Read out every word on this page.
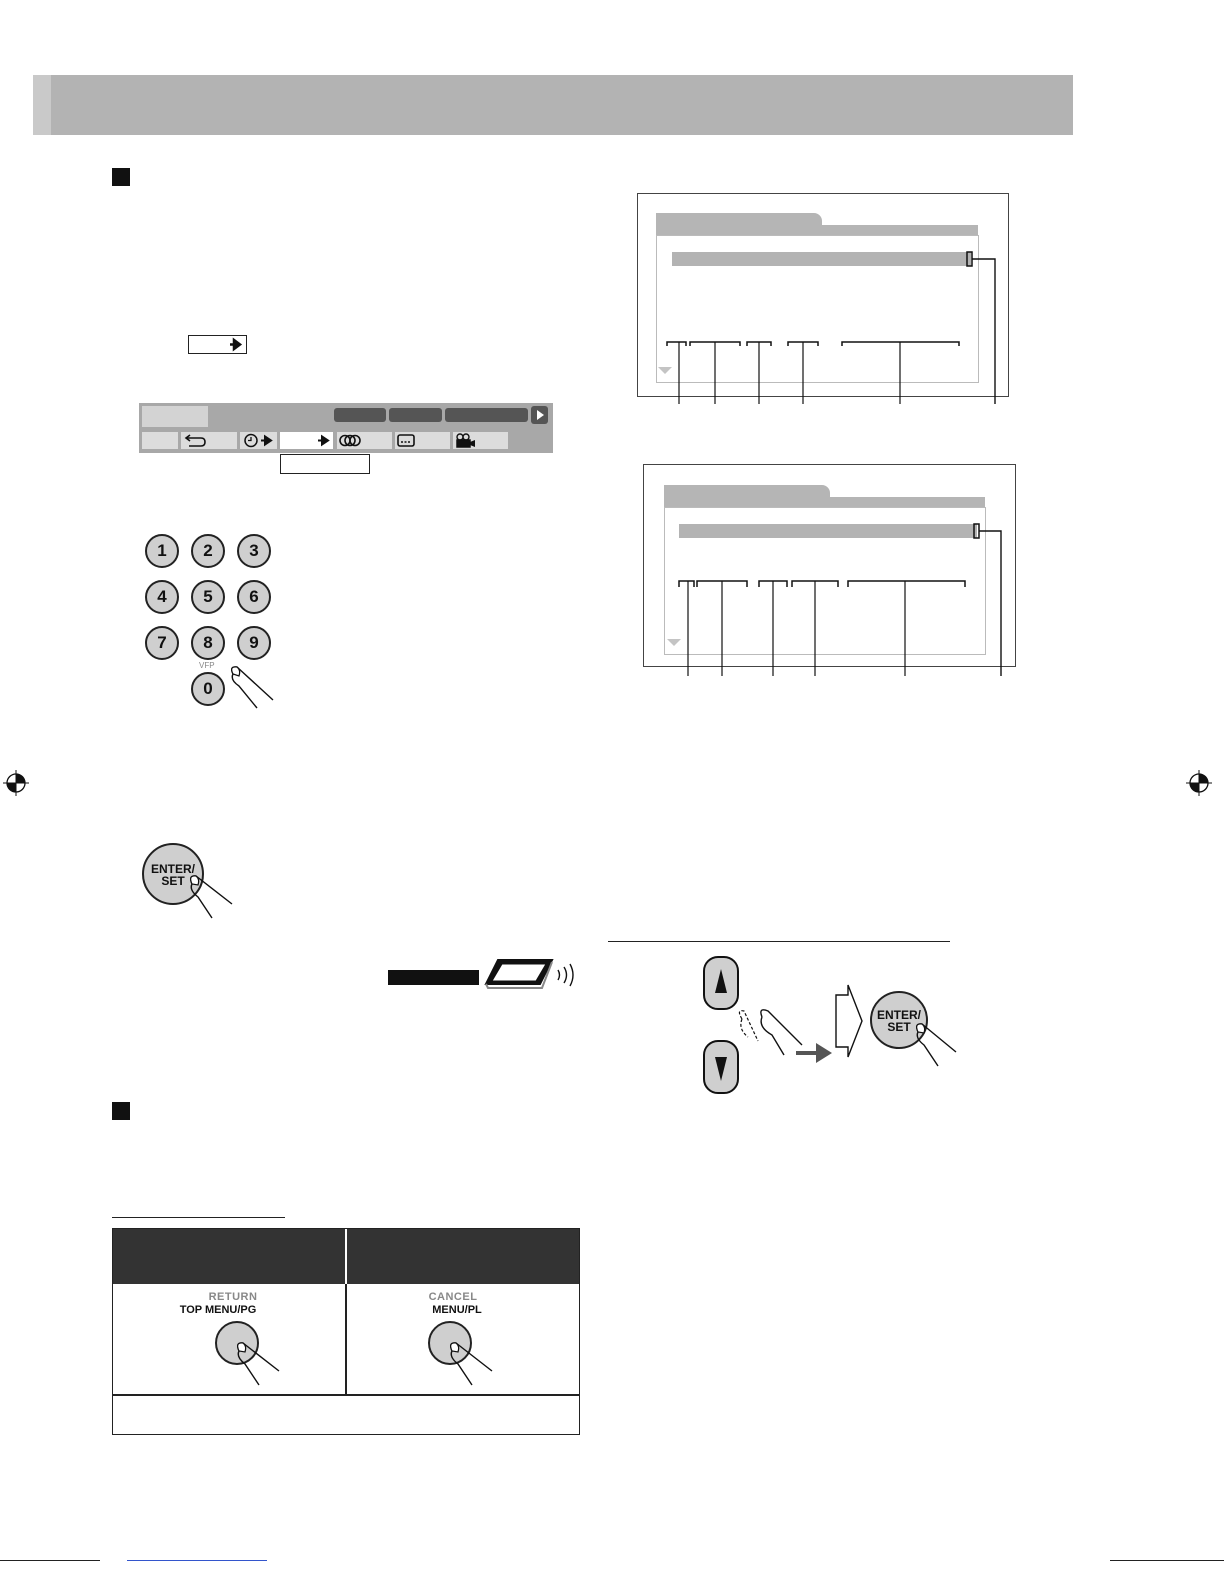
1	2	3
4	5	6
7	8	9
VFP
0
ENTER/
SET
ENTER/
SET
RETURN
TOP MENU/PG
CANCEL
MENU/PL
